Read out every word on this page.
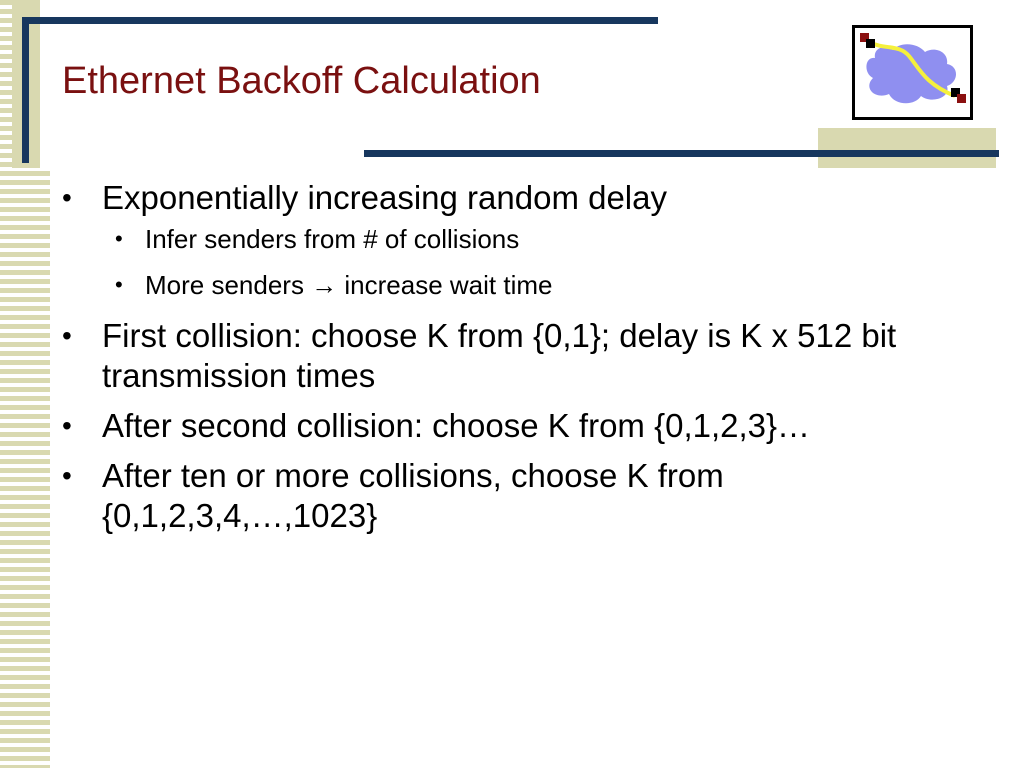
Ethernet Backoff Calculation
• Exponentially increasing random delay
• Infer senders from # of collisions
• More senders → increase wait time
• First collision: choose K from {0,1}; delay is K x 512 bit transmission times
• After second collision: choose K from {0,1,2,3}…
• After ten or more collisions, choose K from {0,1,2,3,4,…,1023}
